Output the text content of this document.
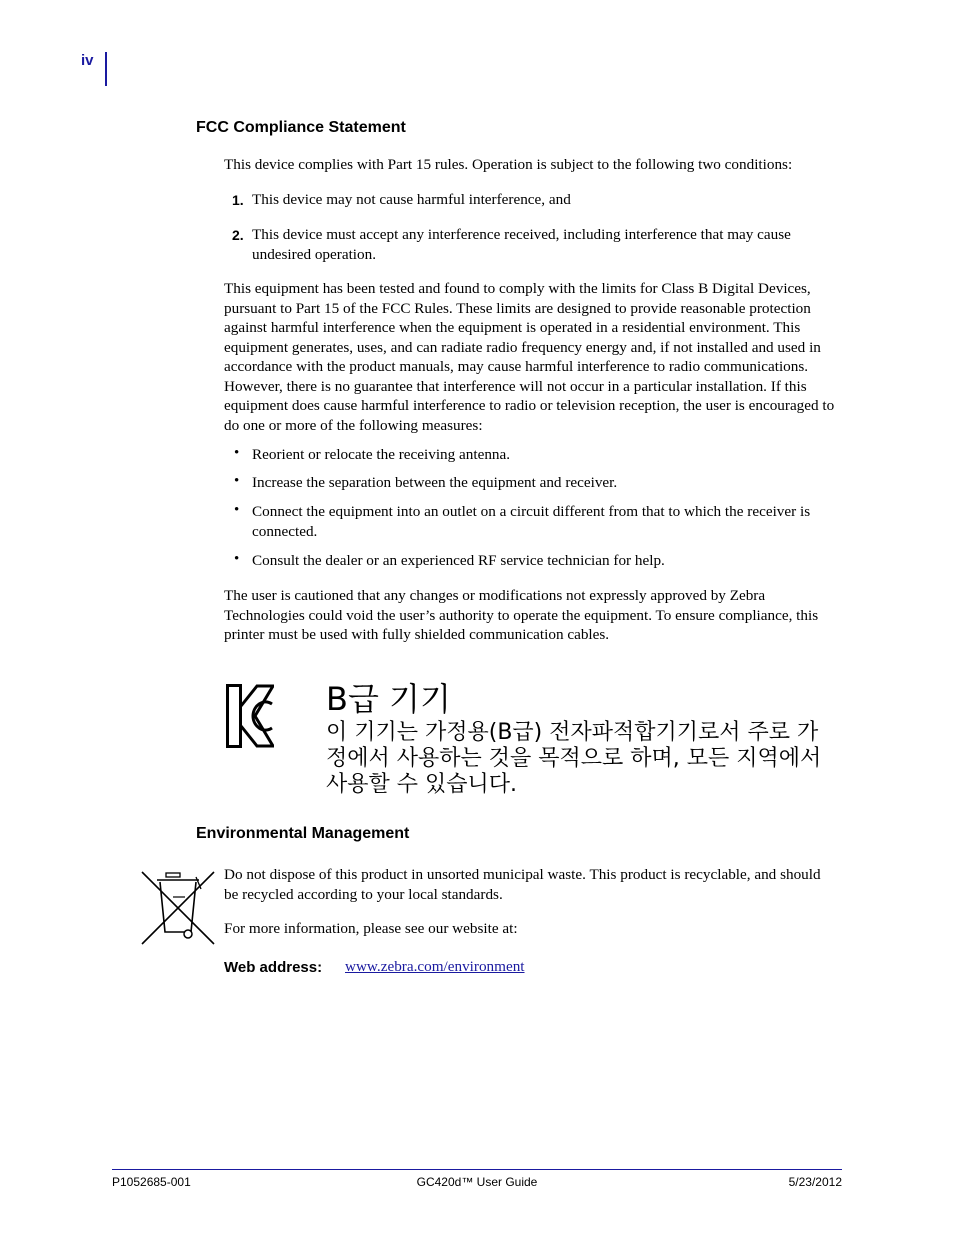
iv
FCC Compliance Statement
This device complies with Part 15 rules. Operation is subject to the following two conditions:
1. This device may not cause harmful interference, and
2. This device must accept any interference received, including interference that may cause undesired operation.
This equipment has been tested and found to comply with the limits for Class B Digital Devices, pursuant to Part 15 of the FCC Rules. These limits are designed to provide reasonable protection against harmful interference when the equipment is operated in a residential environment. This equipment generates, uses, and can radiate radio frequency energy and, if not installed and used in accordance with the product manuals, may cause harmful interference to radio communications. However, there is no guarantee that interference will not occur in a particular installation. If this equipment does cause harmful interference to radio or television reception, the user is encouraged to do one or more of the following measures:
• Reorient or relocate the receiving antenna.
• Increase the separation between the equipment and receiver.
• Connect the equipment into an outlet on a circuit different from that to which the receiver is connected.
• Consult the dealer or an experienced RF service technician for help.
The user is cautioned that any changes or modifications not expressly approved by Zebra Technologies could void the user’s authority to operate the equipment. To ensure compliance, this printer must be used with fully shielded communication cables.
B급 기기
이 기기는 가정용(B급) 전자파적합기기로서 주로 가정에서 사용하는 것을 목적으로 하며, 모든 지역에서 사용할 수 있습니다.
Environmental Management
Do not dispose of this product in unsorted municipal waste. This product is recyclable, and should be recycled according to your local standards.
For more information, please see our website at:
Web address: www.zebra.com/environment
P1052685-001	GC420d™ User Guide	5/23/2012
